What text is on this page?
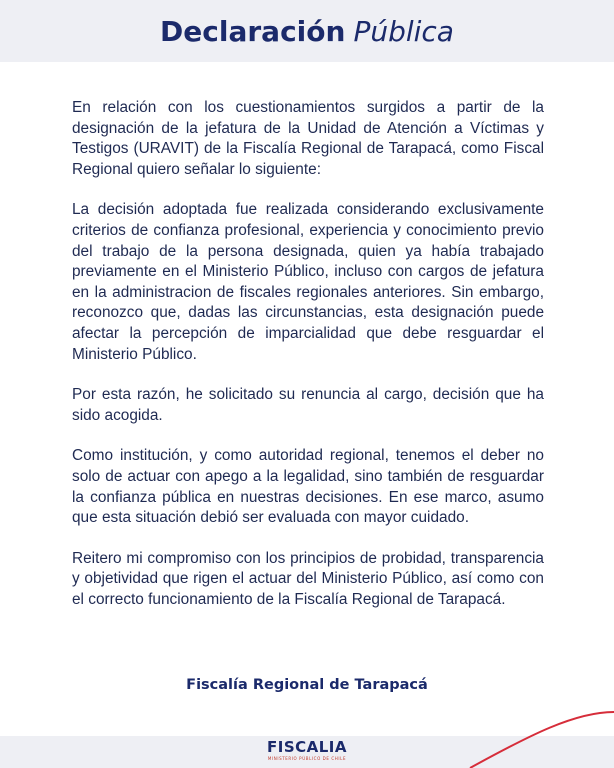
Declaración Pública

En relación con los cuestionamientos surgidos a partir de la designación de la jefatura de la Unidad de Atención a Víctimas y Testigos (URAVIT) de la Fiscalía Regional de Tarapacá, como Fiscal Regional quiero señalar lo siguiente:

La decisión adoptada fue realizada considerando exclusivamente criterios de confianza profesional, experiencia y conocimiento previo del trabajo de la persona designada, quien ya había trabajado previamente en el Ministerio Público, incluso con cargos de jefatura en la administracion de fiscales regionales anteriores. Sin embargo, reconozco que, dadas las circunstancias, esta designación puede afectar la percepción de imparcialidad que debe resguardar el Ministerio Público.

Por esta razón, he solicitado su renuncia al cargo, decisión que ha sido acogida.

Como institución, y como autoridad regional, tenemos el deber no solo de actuar con apego a la legalidad, sino también de resguardar la confianza pública en nuestras decisiones. En ese marco, asumo que esta situación debió ser evaluada con mayor cuidado.

Reitero mi compromiso con los principios de probidad, transparencia y objetividad que rigen el actuar del Ministerio Público, así como con el correcto funcionamiento de la Fiscalía Regional de Tarapacá.

Fiscalía Regional de Tarapacá
FISCALIA
MINISTERIO PÚBLICO DE CHILE
